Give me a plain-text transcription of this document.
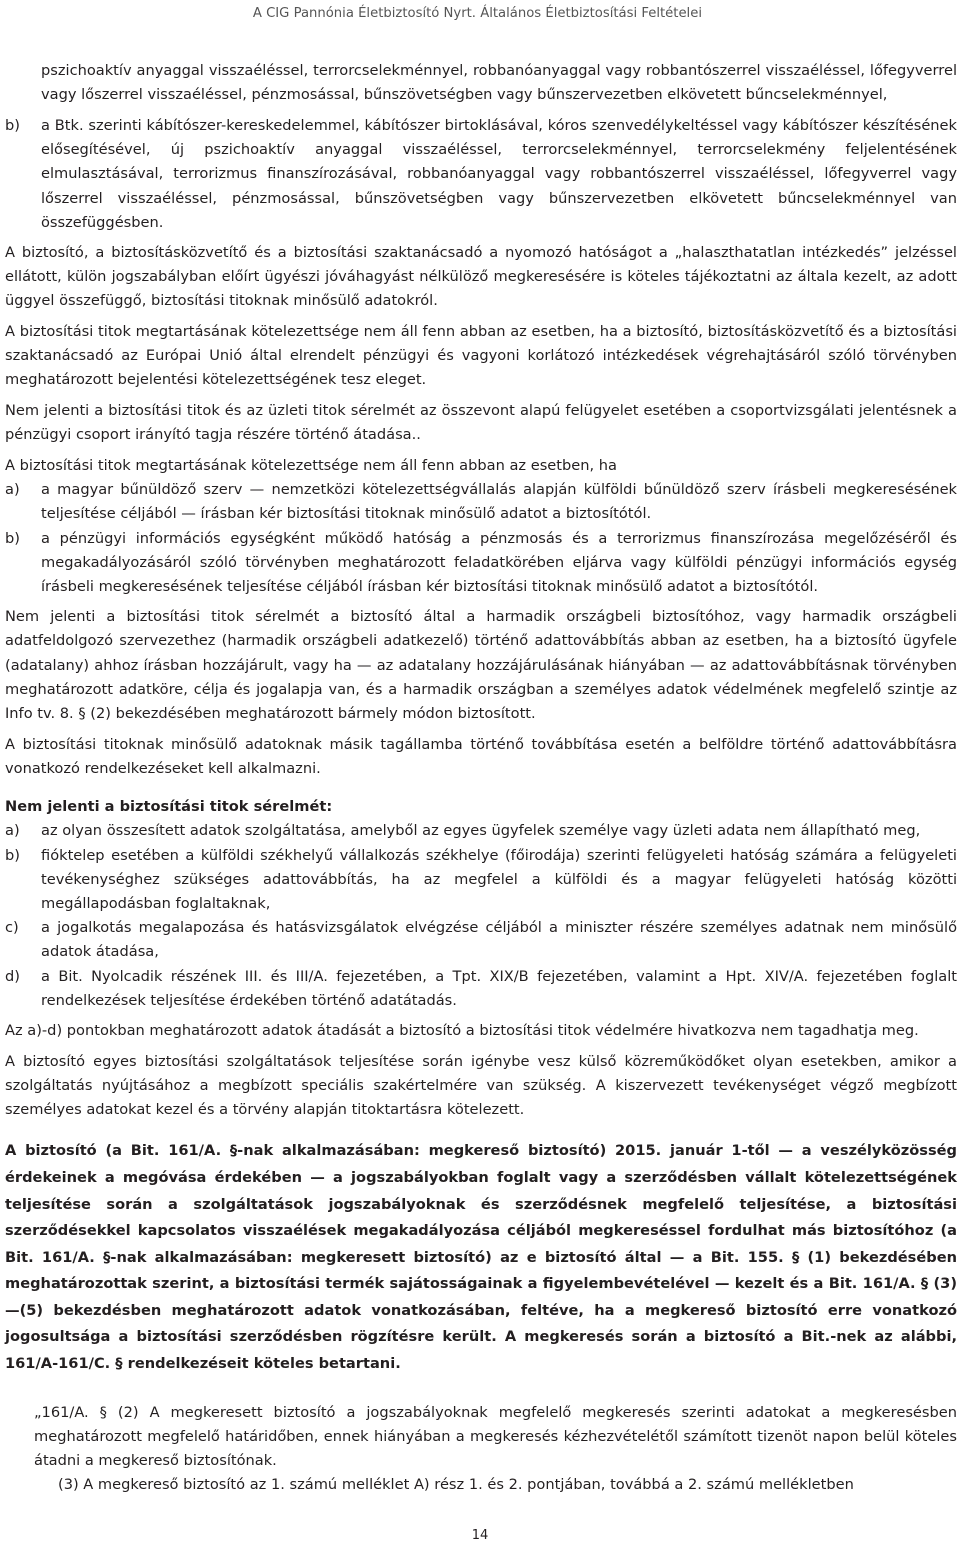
A CIG Pannónia Életbiztosító Nyrt. Általános Életbiztosítási Feltételei

pszichoaktív anyaggal visszaéléssel, terrorcselekménnyel, robbanóanyaggal vagy robbantószerrel visszaéléssel, lőfegyverrel vagy lőszerrel visszaéléssel, pénzmosással, bűnszövetségben vagy bűnszervezetben elkövetett bűncselekménnyel,

b)	a Btk. szerinti kábítószer-kereskedelemmel, kábítószer birtoklásával, kóros szenvedélykeltéssel vagy kábítószer készítésének elősegítésével, új pszichoaktív anyaggal visszaéléssel, terrorcselekménnyel, terrorcselekmény feljelentésének elmulasztásával, terrorizmus finanszírozásával, robbanóanyaggal vagy robbantószerrel visszaéléssel, lőfegyverrel vagy lőszerrel visszaéléssel, pénzmosással, bűnszövetségben vagy bűnszervezetben elkövetett bűncselekménnyel van összefüggésben.

A biztosító, a biztosításközvetítő és a biztosítási szaktanácsadó a nyomozó hatóságot a „halaszthatatlan intézkedés” jelzéssel ellátott, külön jogszabályban előírt ügyészi jóváhagyást nélkülöző megkeresésére is köteles tájékoztatni az általa kezelt, az adott üggyel összefüggő, biztosítási titoknak minősülő adatokról.

A biztosítási titok megtartásának kötelezettsége nem áll fenn abban az esetben, ha a biztosító, biztosításközvetítő és a biztosítási szaktanácsadó az Európai Unió által elrendelt pénzügyi és vagyoni korlátozó intézkedések végrehajtásáról szóló törvényben meghatározott bejelentési kötelezettségének tesz eleget.

Nem jelenti a biztosítási titok és az üzleti titok sérelmét az összevont alapú felügyelet esetében a csoportvizsgálati jelentésnek a pénzügyi csoport irányító tagja részére történő átadása..

A biztosítási titok megtartásának kötelezettsége nem áll fenn abban az esetben, ha

a)	a magyar bűnüldöző szerv — nemzetközi kötelezettségvállalás alapján külföldi bűnüldöző szerv írásbeli megkeresésének teljesítése céljából — írásban kér biztosítási titoknak minősülő adatot a biztosítótól.
b)	a pénzügyi információs egységként működő hatóság a pénzmosás és a terrorizmus finanszírozása megelőzéséről és megakadályozásáról szóló törvényben meghatározott feladatkörében eljárva vagy külföldi pénzügyi információs egység írásbeli megkeresésének teljesítése céljából írásban kér biztosítási titoknak minősülő adatot a biztosítótól.

Nem jelenti a biztosítási titok sérelmét a biztosító által a harmadik országbeli biztosítóhoz, vagy harmadik országbeli adatfeldolgozó szervezethez (harmadik országbeli adatkezelő) történő adattovábbítás abban az esetben, ha a biztosító ügyfele (adatalany) ahhoz írásban hozzájárult, vagy ha — az adatalany hozzájárulásának hiányában — az adattovábbításnak törvényben meghatározott adatköre, célja és jogalapja van, és a harmadik országban a személyes adatok védelmének megfelelő szintje az Info tv. 8. § (2) bekezdésében meghatározott bármely módon biztosított.

A biztosítási titoknak minősülő adatoknak másik tagállamba történő továbbítása esetén a belföldre történő adattovábbításra vonatkozó rendelkezéseket kell alkalmazni.

Nem jelenti a biztosítási titok sérelmét:

a)	az olyan összesített adatok szolgáltatása, amelyből az egyes ügyfelek személye vagy üzleti adata nem állapítható meg,
b)	fióktelep esetében a külföldi székhelyű vállalkozás székhelye (főirodája) szerinti felügyeleti hatóság számára a felügyeleti tevékenységhez szükséges adattovábbítás, ha az megfelel a külföldi és a magyar felügyeleti hatóság közötti megállapodásban foglaltaknak,
c)	a jogalkotás megalapozása és hatásvizsgálatok elvégzése céljából a miniszter részére személyes adatnak nem minősülő adatok átadása,
d)	a Bit. Nyolcadik részének III. és III/A. fejezetében, a Tpt. XIX/B fejezetében, valamint a Hpt. XIV/A. fejezetében foglalt rendelkezések teljesítése érdekében történő adatátadás.

Az a)-d) pontokban meghatározott adatok átadását a biztosító a biztosítási titok védelmére hivatkozva nem tagadhatja meg.

A biztosító egyes biztosítási szolgáltatások teljesítése során igénybe vesz külső közreműködőket olyan esetekben, amikor a szolgáltatás nyújtásához a megbízott speciális szakértelmére van szükség. A kiszervezett tevékenységet végző megbízott személyes adatokat kezel és a törvény alapján titoktartásra kötelezett.

A biztosító (a Bit. 161/A. §-nak alkalmazásában: megkereső biztosító) 2015. január 1-től — a veszélyközösség érdekeinek a megóvása érdekében — a jogszabályokban foglalt vagy a szerződésben vállalt kötelezettségének teljesítése során a szolgáltatások jogszabályoknak és szerződésnek megfelelő teljesítése, a biztosítási szerződésekkel kapcsolatos visszaélések megakadályozása céljából megkereséssel fordulhat más biztosítóhoz (a Bit. 161/A. §-nak alkalmazásában: megkeresett biztosító) az e biztosító által — a Bit. 155. § (1) bekezdésében meghatározottak szerint, a biztosítási termék sajátosságainak a figyelembevételével — kezelt és a Bit. 161/A. § (3)—(5) bekezdésben meghatározott adatok vonatkozásában, feltéve, ha a megkereső biztosító erre vonatkozó jogosultsága a biztosítási szerződésben rögzítésre került. A megkeresés során a biztosító a Bit.-nek az alábbi, 161/A-161/C. § rendelkezéseit köteles betartani.

„161/A. § (2) A megkeresett biztosító a jogszabályoknak megfelelő megkeresés szerinti adatokat a megkeresésben meghatározott megfelelő határidőben, ennek hiányában a megkeresés kézhezvételétől számított tizenöt napon belül köteles átadni a megkereső biztosítónak.

(3) A megkereső biztosító az 1. számú melléklet A) rész 1. és 2. pontjában, továbbá a 2. számú mellékletben

14
